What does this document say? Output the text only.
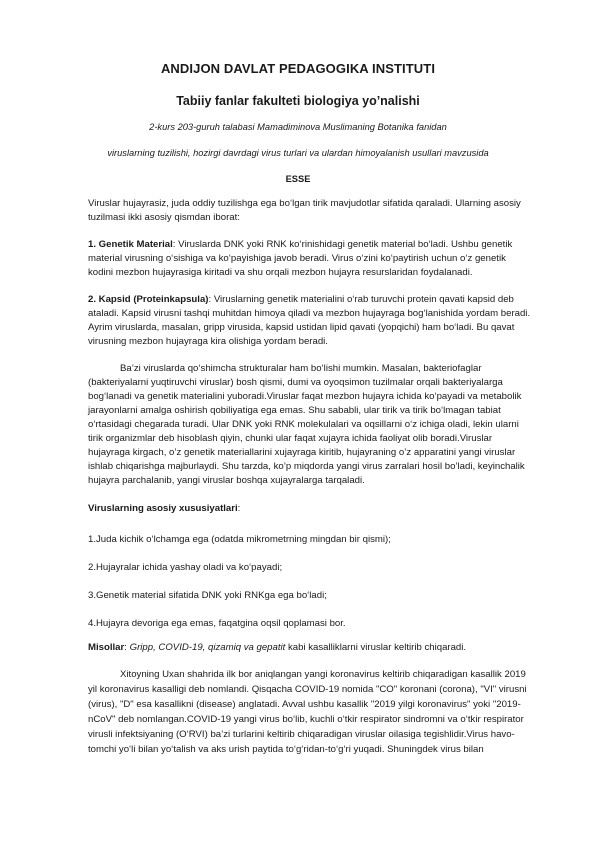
ANDIJON DAVLAT PEDAGOGIKA INSTITUTI
Tabiiy fanlar fakulteti biologiya yo’nalishi
2-kurs 203-guruh talabasi Mamadiminova Muslimaning Botanika fanidan
viruslarning tuzilishi, hozirgi davrdagi virus turlari va ulardan himoyalanish usullari mavzusida
ESSE
Viruslar hujayrasiz, juda oddiy tuzilishga ega bo‘lgan tirik mavjudotlar sifatida qaraladi. Ularning asosiy
tuzilmasi ikki asosiy qismdan iborat:
1. Genetik Material: Viruslarda DNK yoki RNK ko‘rinishidagi genetik material bo‘ladi. Ushbu genetik
material virusning o‘sishiga va ko‘payishiga javob beradi. Virus o‘zini ko‘paytirish uchun o‘z genetik
kodini mezbon hujayrasiga kiritadi va shu orqali mezbon hujayra resurslaridan foydalanadi.
2. Kapsid (Proteinkapsula): Viruslarning genetik materialini o‘rab turuvchi protein qavati kapsid deb
ataladi. Kapsid virusni tashqi muhitdan himoya qiladi va mezbon hujayraga bog‘lanishida yordam beradi.
Ayrim viruslarda, masalan, gripp virusida, kapsid ustidan lipid qavati (yopqichi) ham bo‘ladi. Bu qavat
virusning mezbon hujayraga kira olishiga yordam beradi.
Ba’zi viruslarda qo‘shimcha strukturalar ham bo‘lishi mumkin. Masalan, bakteriofaglar
(bakteriyalarni yuqtiruvchi viruslar) bosh qismi, dumi va oyoqsimon tuzilmalar orqali bakteriyalarga
bog‘lanadi va genetik materialini yuboradi.Viruslar faqat mezbon hujayra ichida ko‘payadi va metabolik
jarayonlarni amalga oshirish qobiliyatiga ega emas. Shu sababli, ular tirik va tirik bo‘lmagan tabiat
o‘rtasidagi chegarada turadi. Ular DNK yoki RNK molekulalari va oqsillarni o‘z ichiga oladi, lekin ularni
tirik organizmlar deb hisoblash qiyin, chunki ular faqat xujayra ichida faoliyat olib boradi.Viruslar
hujayraga kirgach, o’z genetik materiallarini xujayraga kiritib, hujayraning o’z apparatini yangi viruslar
ishlab chiqarishga majburlaydi. Shu tarzda, ko’p miqdorda yangi virus zarralari hosil bo’ladi, keyinchalik
hujayra parchalanib, yangi viruslar boshqa xujayralarga tarqaladi.
Viruslarning asosiy xususiyatlari:
1.Juda kichik o‘lchamga ega (odatda mikrometrning mingdan bir qismi);
2.Hujayralar ichida yashay oladi va ko‘payadi;
3.Genetik material sifatida DNK yoki RNKga ega bo‘ladi;
4.Hujayra devoriga ega emas, faqatgina oqsil qoplamasi bor.
Misollar: Gripp, COVID-19, qizamiq va gepatit kabi kasalliklarni viruslar keltirib chiqaradi.
Xitoyning Uxan shahrida ilk bor aniqlangan yangi koronavirus keltirib chiqaradigan kasallik 2019
yil koronavirus kasalligi deb nomlandi. Qisqacha COVID-19 nomida "CO" koronani (corona), "VI" virusni
(virus), "D" esa kasallikni (disease) anglatadi. Avval ushbu kasallik "2019 yilgi koronavirus" yoki "2019-
nCoV" deb nomlangan.COVID-19 yangi virus bo‘lib, kuchli o‘tkir respirator sindromni va o‘tkir respirator
virusli infektsiyaning (O‘RVI) ba’zi turlarini keltirib chiqaradigan viruslar oilasiga tegishlidir.Virus havo-
tomchi yo‘li bilan yo‘talish va aks urish paytida to‘g‘ridan-to‘g‘ri yuqadi. Shuningdek virus bilan
